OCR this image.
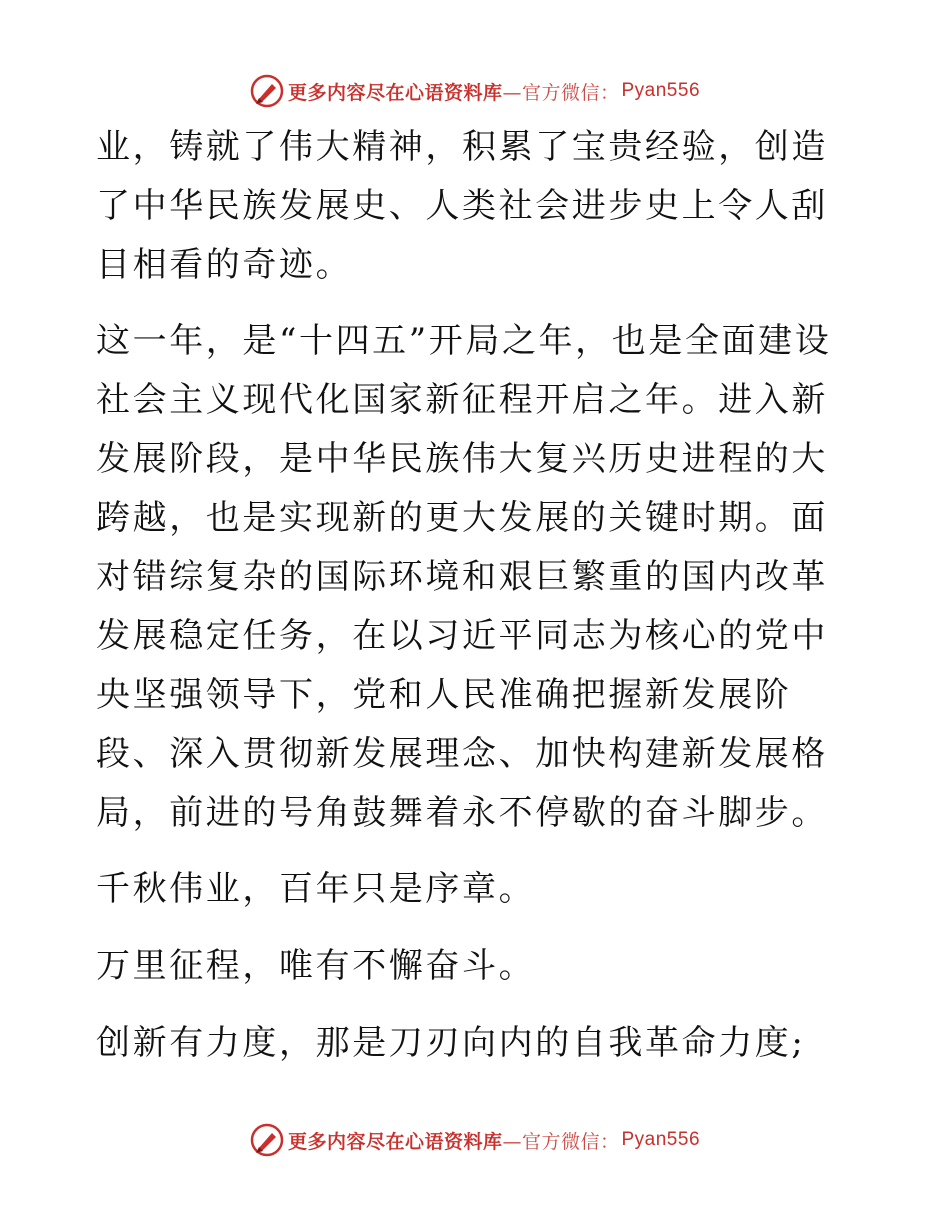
更多内容尽在心语资料库 —官方微信： Pyan556

业，铸就了伟大精神，积累了宝贵经验，创造了中华民族发展史、人类社会进步史上令人刮目相看的奇迹。

这一年，是“十四五”开局之年，也是全面建设社会主义现代化国家新征程开启之年。进入新发展阶段，是中华民族伟大复兴历史进程的大跨越，也是实现新的更大发展的关键时期。面对错综复杂的国际环境和艰巨繁重的国内改革发展稳定任务，在以习近平同志为核心的党中央坚强领导下，党和人民准确把握新发展阶段、深入贯彻新发展理念、加快构建新发展格局，前进的号角鼓舞着永不停歇的奋斗脚步。

千秋伟业，百年只是序章。

万里征程，唯有不懈奋斗。

创新有力度，那是刀刃向内的自我革命力度;

更多内容尽在心语资料库 —官方微信： Pyan556
